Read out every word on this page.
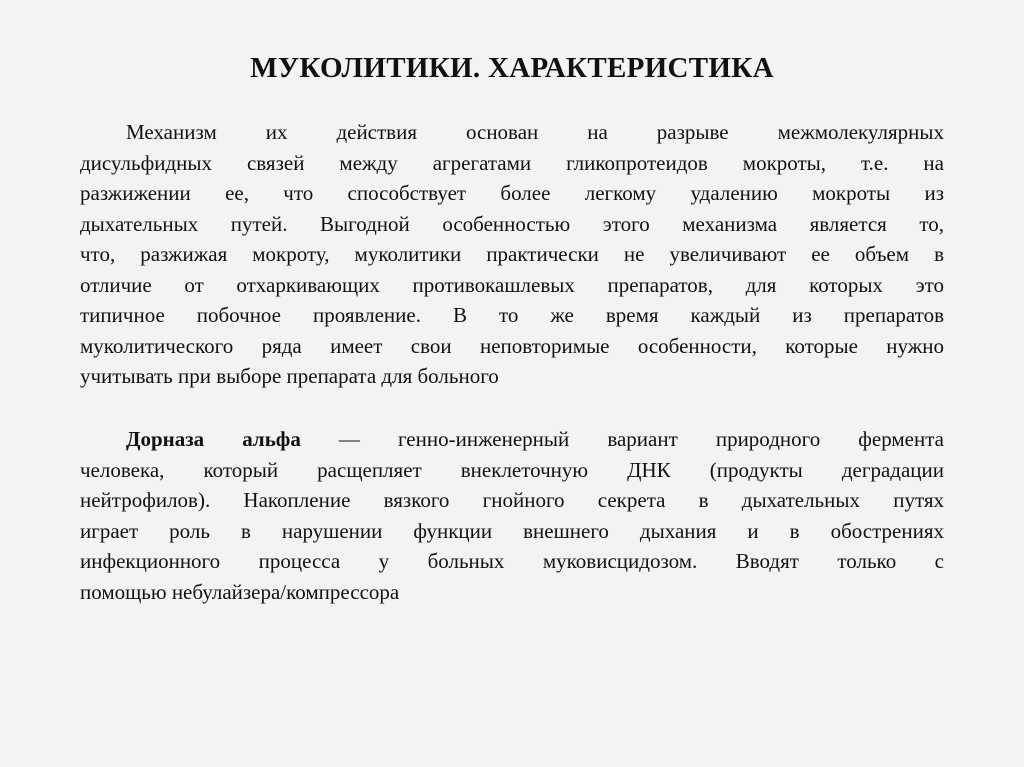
МУКОЛИТИКИ. ХАРАКТЕРИСТИКА
Механизм их действия основан на разрыве межмолекулярных
дисульфидных связей между агрегатами гликопротеидов мокроты, т.е. на
разжижении ее, что способствует более легкому удалению мокроты из
дыхательных путей. Выгодной особенностью этого механизма является то,
что, разжижая мокроту, муколитики практически не увеличивают ее объем в
отличие от отхаркивающих противокашлевых препаратов, для которых это
типичное побочное проявление. В то же время каждый из препаратов
муколитического ряда имеет свои неповторимые особенности, которые нужно
учитывать при выборе препарата для больного
Дорназа альфа — генно-инженерный вариант природного фермента
человека, который расщепляет внеклеточную ДНК (продукты деградации
нейтрофилов). Накопление вязкого гнойного секрета в дыхательных путях
играет роль в нарушении функции внешнего дыхания и в обострениях
инфекционного процесса у больных муковисцидозом. Вводят только с
помощью небулайзера/компрессора
